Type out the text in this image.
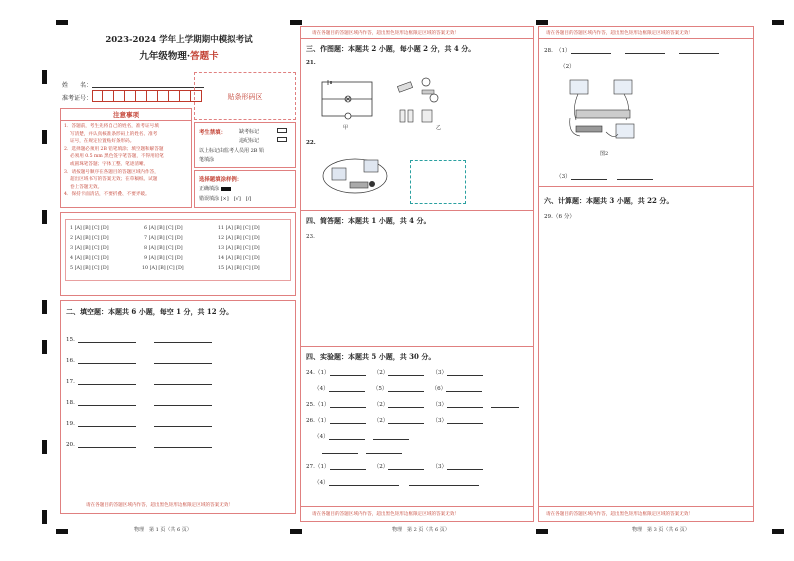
2023-2024 学年上学期期中模拟考试
九年级物理·答题卡
姓　　名：
准考证号：	贴条形码区
注意事项
1．答题前，考生先将自己的姓名，准考证号填
写清楚，并认真核准条形码上的姓名、准考
证号，在规定位置贴好条形码。
2．选择题必须用 2B 铅笔填涂；填空题和解答题
必须用 0.5 mm 黑色签字笔答题，不得用铅笔
或圆珠笔答题；字体工整、笔迹清晰。
3．请按题号顺序在各题目的答题区域内作答，
超出区域书写的答案无效；在草稿纸、试题
卷上答题无效。
4．保持卡面清洁，不要折叠、不要弄破。
考生禁填：	缺考标记
违纪标记
以上标记由监考人员用 2B 铅
笔填涂
选择题填涂样例：
正确填涂
错误填涂 [×]　[√]　[/]
1 [A] [B] [C] [D]
2 [A] [B] [C] [D]
3 [A] [B] [C] [D]
4 [A] [B] [C] [D]
5 [A] [B] [C] [D]
6 [A] [B] [C] [D]
7 [A] [B] [C] [D]
8 [A] [B] [C] [D]
9 [A] [B] [C] [D]
10 [A] [B] [C] [D]
11 [A] [B] [C] [D]
12 [A] [B] [C] [D]
13 [A] [B] [C] [D]
14 [A] [B] [C] [D]
15 [A] [B] [C] [D]
二、填空题：本题共 6 小题，每空 1 分，共 12 分。
15.
16.
17.
18.
19.
20.
请在各题目的答题区域内作答，超出黑色矩形边框限定区域的答案无效！
物理　第 1 页（共 6 页）
请在各题目的答题区域内作答，超出黑色矩形边框限定区域的答案无效！
三、作图题：本题共 2 小题，每小题 2 分，共 4 分。
21.
甲	乙
22.
四、简答题：本题共 1 小题，共 4 分。
23.
四、实验题：本题共 5 小题，共 30 分。
24.（1）	（2）	（3）
（4）	（5）	（6）
25.（1）	（2）	（3）
26.（1）	（2）	（3）
（4）
27.（1）	（2）	（3）
（4）
请在各题目的答题区域内作答，超出黑色矩形边框限定区域的答案无效！
物理　第 2 页（共 6 页）
请在各题目的答题区域内作答，超出黑色矩形边框限定区域的答案无效！
28. （1）
（2）
图2
（3）
六、计算题：本题共 3 小题，共 22 分。
29.（6 分）
请在各题目的答题区域内作答，超出黑色矩形边框限定区域的答案无效！
物理　第 3 页（共 6 页）
